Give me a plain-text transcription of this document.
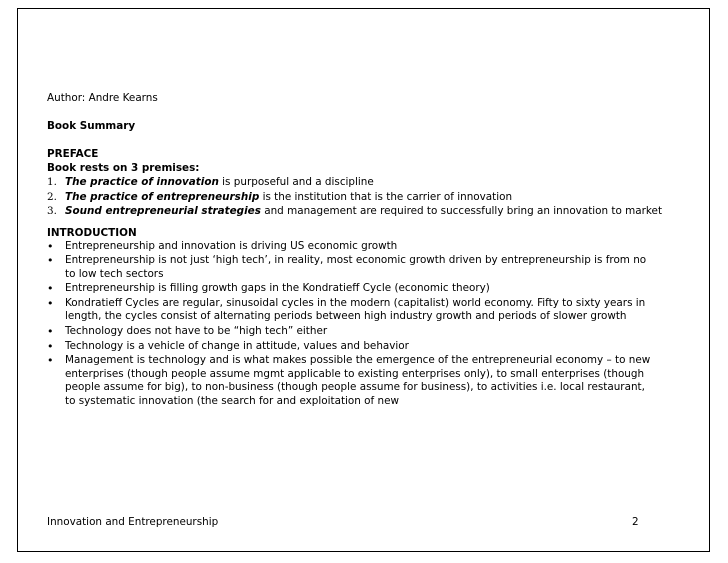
Author: Andre Kearns

Book Summary

PREFACE

Book rests on 3 premises:

1. The practice of innovation is purposeful and a discipline
2. The practice of entrepreneurship is the institution that is the carrier of innovation
3. Sound entrepreneurial strategies and management are required to successfully bring an innovation to market

INTRODUCTION

•	Entrepreneurship and innovation is driving US economic growth
•	Entrepreneurship is not just ‘high tech’, in reality, most economic growth driven by entrepreneurship is from no
to low tech sectors
•	Entrepreneurship is filling growth gaps in the Kondratieff Cycle (economic theory)
•	Kondratieff Cycles are regular, sinusoidal cycles in the modern (capitalist) world economy. Fifty to sixty years in
length, the cycles consist of alternating periods between high industry growth and periods of slower growth
•	Technology does not have to be “high tech” either
•	Technology is a vehicle of change in attitude, values and behavior
•	Management is technology and is what makes possible the emergence of the entrepreneurial economy – to new
enterprises (though people assume mgmt applicable to existing enterprises only), to small enterprises (though
people assume for big), to non-business (though people assume for business), to activities i.e. local restaurant,
to systematic innovation (the search for and exploitation of new
Innovation and Entrepreneurship	2
